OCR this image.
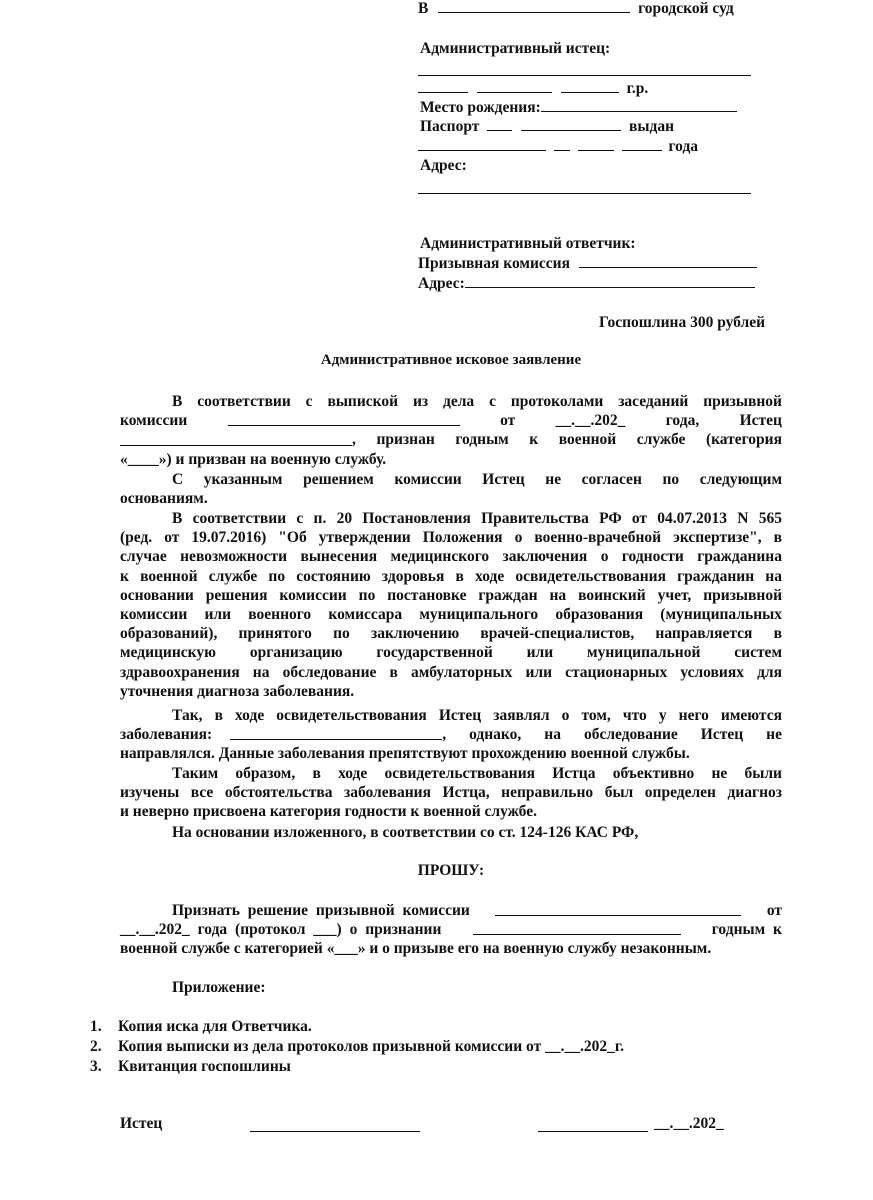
В	городской суд
Административный истец:
г.р.
Место рождения:
Паспорт	выдан
года
Адрес:
Административный ответчик:
Призывная комиссия
Адрес:
Госпошлина 300 рублей
Административное исковое заявление
В соответствии с выпиской из дела с протоколами заседаний призывной
комиссии	от	__.__.202_	года,	Истец
, признан годным к военной службе (категория
«____») и призван на военную службу.
С указанным решением комиссии Истец не согласен по следующим
основаниям.
В соответствии с п. 20 Постановления Правительства РФ от 04.07.2013 N 565
(ред. от 19.07.2016) "Об утверждении Положения о военно-врачебной экспертизе", в
случае невозможности вынесения медицинского заключения о годности гражданина
к военной службе по состоянию здоровья в ходе освидетельствования гражданин на
основании решения комиссии по постановке граждан на воинский учет, призывной
комиссии или военного комиссара муниципального образования (муниципальных
образований), принятого по заключению врачей-специалистов, направляется в
медицинскую организацию государственной или муниципальной систем
здравоохранения на обследование в амбулаторных или стационарных условиях для
уточнения диагноза заболевания.
Так, в ходе освидетельствования Истец заявлял о том, что у него имеются
заболевания:	, однако, на обследование Истец не
направлялся. Данные заболевания препятствуют прохождению военной службы.
Таким образом, в ходе освидетельствования Истца объективно не были
изучены все обстоятельства заболевания Истца, неправильно был определен диагноз
и неверно присвоена категория годности к военной службе.
На основании изложенного, в соответствии со ст. 124-126 КАС РФ,
ПРОШУ:
Признать решение призывной комиссии	от
__.__.202_ года (протокол ___) о признании	годным к
военной службе с категорией «___» и о призыве его на военную службу незаконным.
Приложение:
1. Копия иска для Ответчика.
2. Копия выписки из дела протоколов призывной комиссии от __.__.202_г.
3. Квитанция госпошлины
Истец	__.__.202_
